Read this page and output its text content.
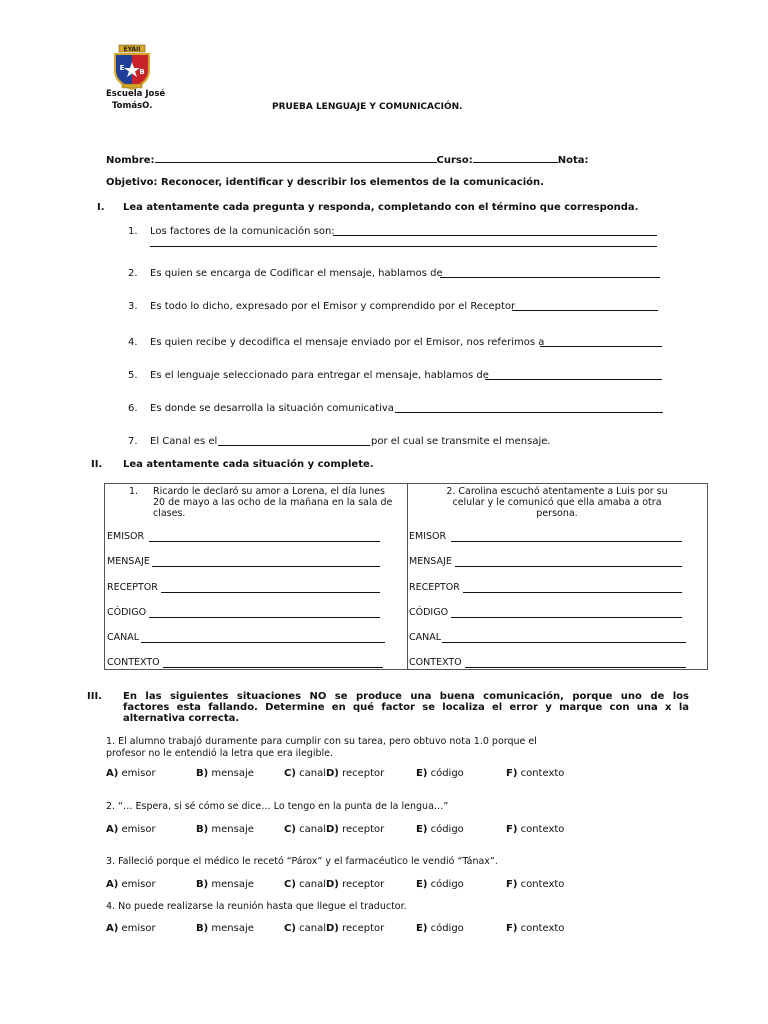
EYAII
E B
Escuela José
TomásO.	PRUEBA LENGUAJE Y COMUNICACIÓN.
Nombre:	Curso:	Nota:
Objetivo: Reconocer, identificar y describir los elementos de la comunicación.
I. Lea atentamente cada pregunta y responda, completando con el término que corresponda.
1. Los factores de la comunicación son:
2. Es quien se encarga de Codificar el mensaje, hablamos de
3. Es todo lo dicho, expresado por el Emisor y comprendido por el Receptor
4. Es quien recibe y decodifica el mensaje enviado por el Emisor, nos referimos a
5. Es el lenguaje seleccionado para entregar el mensaje, hablamos de
6. Es donde se desarrolla la situación comunicativa
7. El Canal es el	por el cual se transmite el mensaje.
II. Lea atentamente cada situación y complete.
1. Ricardo le declaró su amor a Lorena, el día lunes
20 de mayo a las ocho de la mañana en la sala de
clases.
EMISOR
MENSAJE
RECEPTOR
CÓDIGO
CANAL
CONTEXTO

2. Carolina escuchó atentamente a Luis por su
celular y le comunicó que ella amaba a otra
persona.
EMISOR
MENSAJE
RECEPTOR
CÓDIGO
CANAL
CONTEXTO
III. En las siguientes situaciones NO se produce una buena comunicación, porque uno de los
factores esta fallando. Determine en qué factor se localiza el error y marque con una x la
alternativa correcta.
1. El alumno trabajó duramente para cumplir con su tarea, pero obtuvo nota 1.0 porque el
profesor no le entendió la letra que era ilegible.
A) emisor	B) mensaje	C) canal D) receptor	E) código	F) contexto
2. “… Espera, si sé cómo se dice… Lo tengo en la punta de la lengua…”
A) emisor	B) mensaje	C) canal D) receptor	E) código	F) contexto
3. Falleció porque el médico le recetó “Párox” y el farmacéutico le vendió “Tánax”.
A) emisor	B) mensaje	C) canal D) receptor	E) código	F) contexto
4. No puede realizarse la reunión hasta que llegue el traductor.
A) emisor	B) mensaje	C) canal D) receptor	E) código	F) contexto
